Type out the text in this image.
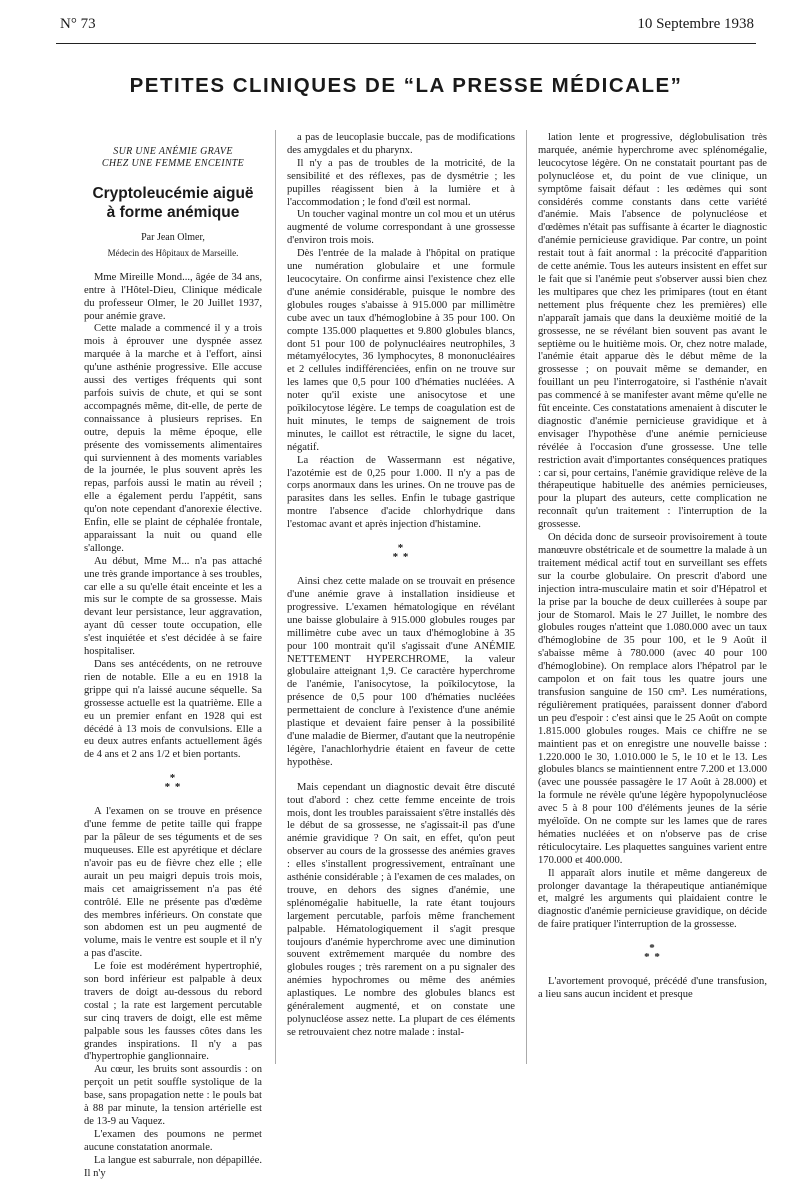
N° 73	10 Septembre 1938
PETITES CLINIQUES DE “LA PRESSE MÉDICALE”
SUR UNE ANÉMIE GRAVE
CHEZ UNE FEMME ENCEINTE
Cryptoleucémie aiguë
à forme anémique
Par Jean Olmer,
Médecin des Hôpitaux de Marseille.

Mme Mireille Mond..., âgée de 34 ans, entre à l'Hôtel-Dieu, Clinique médicale du professeur Olmer, le 20 Juillet 1937, pour anémie grave.

Cette malade a commencé il y a trois mois à éprouver une dyspnée assez marquée à la marche et à l'effort, ainsi qu'une asthénie progressive. Elle accuse aussi des vertiges fréquents qui sont parfois suivis de chute, et qui se sont accompagnés même, dit-elle, de perte de connaissance à plusieurs reprises. En outre, depuis la même époque, elle présente des vomissements alimentaires qui surviennent à des moments variables de la journée, le plus souvent après les repas, parfois aussi le matin au réveil ; elle a également perdu l'appétit, sans qu'on note cependant d'anorexie élective. Enfin, elle se plaint de céphalée frontale, apparaissant la nuit ou quand elle s'allonge.

Au début, Mme M... n'a pas attaché une très grande importance à ses troubles, car elle a su qu'elle était enceinte et les a mis sur le compte de sa grossesse. Mais devant leur persistance, leur aggravation, ayant dû cesser toute occupation, elle s'est inquiétée et s'est décidée à se faire hospitaliser.

Dans ses antécédents, on ne retrouve rien de notable. Elle a eu en 1918 la grippe qui n'a laissé aucune séquelle. Sa grossesse actuelle est la quatrième. Elle a eu un premier enfant en 1928 qui est décédé à 13 mois de convulsions. Elle a eu deux autres enfants actuellement âgés de 4 ans et 2 ans 1/2 et bien portants.

*
* *

A l'examen on se trouve en présence d'une femme de petite taille qui frappe par la pâleur de ses téguments et de ses muqueuses. Elle est apyrétique et déclare n'avoir pas eu de fièvre chez elle ; elle aurait un peu maigri depuis trois mois, mais cet amaigrissement n'a pas été contrôlé. Elle ne présente pas d'œdème des membres inférieurs. On constate que son abdomen est un peu augmenté de volume, mais le ventre est souple et il n'y a pas d'ascite.

Le foie est modérément hypertrophié, son bord inférieur est palpable à deux travers de doigt au-dessous du rebord costal ; la rate est largement percutable sur cinq travers de doigt, elle est même palpable sous les fausses côtes dans les grandes inspirations. Il n'y a pas d'hypertrophie ganglionnaire.

Au cœur, les bruits sont assourdis : on perçoit un petit souffle systolique de la base, sans propagation nette : le pouls bat à 88 par minute, la tension artérielle est de 13-9 au Vaquez.

L'examen des poumons ne permet aucune constatation anormale.

La langue est saburrale, non dépapillée. Il n'y

a pas de leucoplasie buccale, pas de modifications des amygdales et du pharynx.

Il n'y a pas de troubles de la motricité, de la sensibilité et des réflexes, pas de dysmétrie ; les pupilles réagissent bien à la lumière et à l'accommodation ; le fond d'œil est normal.

Un toucher vaginal montre un col mou et un utérus augmenté de volume correspondant à une grossesse d'environ trois mois.

Dès l'entrée de la malade à l'hôpital on pratique une numération globulaire et une formule leucocytaire. On confirme ainsi l'existence chez elle d'une anémie considérable, puisque le nombre des globules rouges s'abaisse à 915.000 par millimètre cube avec un taux d'hémoglobine à 35 pour 100. On compte 135.000 plaquettes et 9.800 globules blancs, dont 51 pour 100 de polynucléaires neutrophiles, 3 métamyélocytes, 36 lymphocytes, 8 mononucléaires et 2 cellules indifférenciées, enfin on ne trouve sur les lames que 0,5 pour 100 d'hématies nucléées. A noter qu'il existe une anisocytose et une poïkilocytose légère. Le temps de coagulation est de huit minutes, le temps de saignement de trois minutes, le caillot est rétractile, le signe du lacet, négatif.

La réaction de Wassermann est négative, l'azotémie est de 0,25 pour 1.000. Il n'y a pas de corps anormaux dans les urines. On ne trouve pas de parasites dans les selles. Enfin le tubage gastrique montre l'absence d'acide chlorhydrique dans l'estomac avant et après injection d'histamine.

*
* *

Ainsi chez cette malade on se trouvait en présence d'une anémie grave à installation insidieuse et progressive. L'examen hématologique en révélant une baisse globulaire à 915.000 globules rouges par millimètre cube avec un taux d'hémoglobine à 35 pour 100 montrait qu'il s'agissait d'une ANÉMIE NETTEMENT HYPERCHROME, la valeur globulaire atteignant 1,9. Ce caractère hyperchrome de l'anémie, l'anisocytose, la poïkilocytose, la présence de 0,5 pour 100 d'hématies nucléées permettaient de conclure à l'existence d'une anémie plastique et devaient faire penser à la possibilité d'une maladie de Biermer, d'autant que la neutropénie légère, l'anachlorhydrie étaient en faveur de cette hypothèse.

Mais cependant un diagnostic devait être discuté tout d'abord : chez cette femme enceinte de trois mois, dont les troubles paraissaient s'être installés dès le début de sa grossesse, ne s'agissait-il pas d'une anémie gravidique ? On sait, en effet, qu'on peut observer au cours de la grossesse des anémies graves : elles s'installent progressivement, entraînant une asthénie considérable ; à l'examen de ces malades, on trouve, en dehors des signes d'anémie, une splénomégalie habituelle, la rate étant toujours largement percutable, parfois même franchement palpable. Hématologiquement il s'agit presque toujours d'anémie hyperchrome avec une diminution souvent extrêmement marquée du nombre des globules rouges ; très rarement on a pu signaler des anémies hypochromes ou même des anémies aplastiques. Le nombre des globules blancs est généralement augmenté, et on constate une polynucléose assez nette. La plupart de ces éléments se retrouvaient chez notre malade : instal-

lation lente et progressive, déglobulisation très marquée, anémie hyperchrome avec splénomégalie, leucocytose légère. On ne constatait pourtant pas de polynucléose et, du point de vue clinique, un symptôme faisait défaut : les œdèmes qui sont considérés comme constants dans cette variété d'anémie. Mais l'absence de polynucléose et d'œdèmes n'était pas suffisante à écarter le diagnostic d'anémie pernicieuse gravidique. Par contre, un point restait tout à fait anormal : la précocité d'apparition de cette anémie. Tous les auteurs insistent en effet sur le fait que si l'anémie peut s'observer aussi bien chez les multipares que chez les primipares (tout en étant nettement plus fréquente chez les premières) elle n'apparaît jamais que dans la deuxième moitié de la grossesse, ne se révélant bien souvent pas avant le septième ou le huitième mois. Or, chez notre malade, l'anémie était apparue dès le début même de la grossesse ; on pouvait même se demander, en fouillant un peu l'interrogatoire, si l'asthénie n'avait pas commencé à se manifester avant même qu'elle ne fût enceinte. Ces constatations amenaient à discuter le diagnostic d'anémie pernicieuse gravidique et à envisager l'hypothèse d'une anémie pernicieuse révélée à l'occasion d'une grossesse. Une telle restriction avait d'importantes conséquences pratiques : car si, pour certains, l'anémie gravidique relève de la thérapeutique habituelle des anémies pernicieuses, pour la plupart des auteurs, cette complication ne reconnaît qu'un traitement : l'interruption de la grossesse.

On décida donc de surseoir provisoirement à toute manœuvre obstétricale et de soumettre la malade à un traitement médical actif tout en surveillant ses effets sur la courbe globulaire. On prescrit d'abord une injection intra-musculaire matin et soir d'Hépatrol et la prise par la bouche de deux cuillerées à soupe par jour de Stomarol. Mais le 27 Juillet, le nombre des globules rouges n'atteint que 1.080.000 avec un taux d'hémoglobine de 35 pour 100, et le 9 Août il s'abaisse même à 780.000 (avec 40 pour 100 d'hémoglobine). On remplace alors l'hépatrol par le campolon et on fait tous les quatre jours une transfusion sanguine de 150 cm³. Les numérations, régulièrement pratiquées, paraissent donner d'abord un peu d'espoir : c'est ainsi que le 25 Août on compte 1.815.000 globules rouges. Mais ce chiffre ne se maintient pas et on enregistre une nouvelle baisse : 1.220.000 le 30, 1.010.000 le 5, le 10 et le 13. Les globules blancs se maintiennent entre 7.200 et 13.000 (avec une poussée passagère le 17 Août à 28.000) et la formule ne révèle qu'une légère hypopolynucléose avec 5 à 8 pour 100 d'éléments jeunes de la série myéloïde. On ne compte sur les lames que de rares hématies nucléées et on n'observe pas de crise réticulocytaire. Les plaquettes sanguines varient entre 170.000 et 400.000.

Il apparaît alors inutile et même dangereux de prolonger davantage la thérapeutique antianémique et, malgré les arguments qui plaidaient contre le diagnostic d'anémie pernicieuse gravidique, on décide de faire pratiquer l'interruption de la grossesse.

*
* *

L'avortement provoqué, précédé d'une transfusion, a lieu sans aucun incident et presque
